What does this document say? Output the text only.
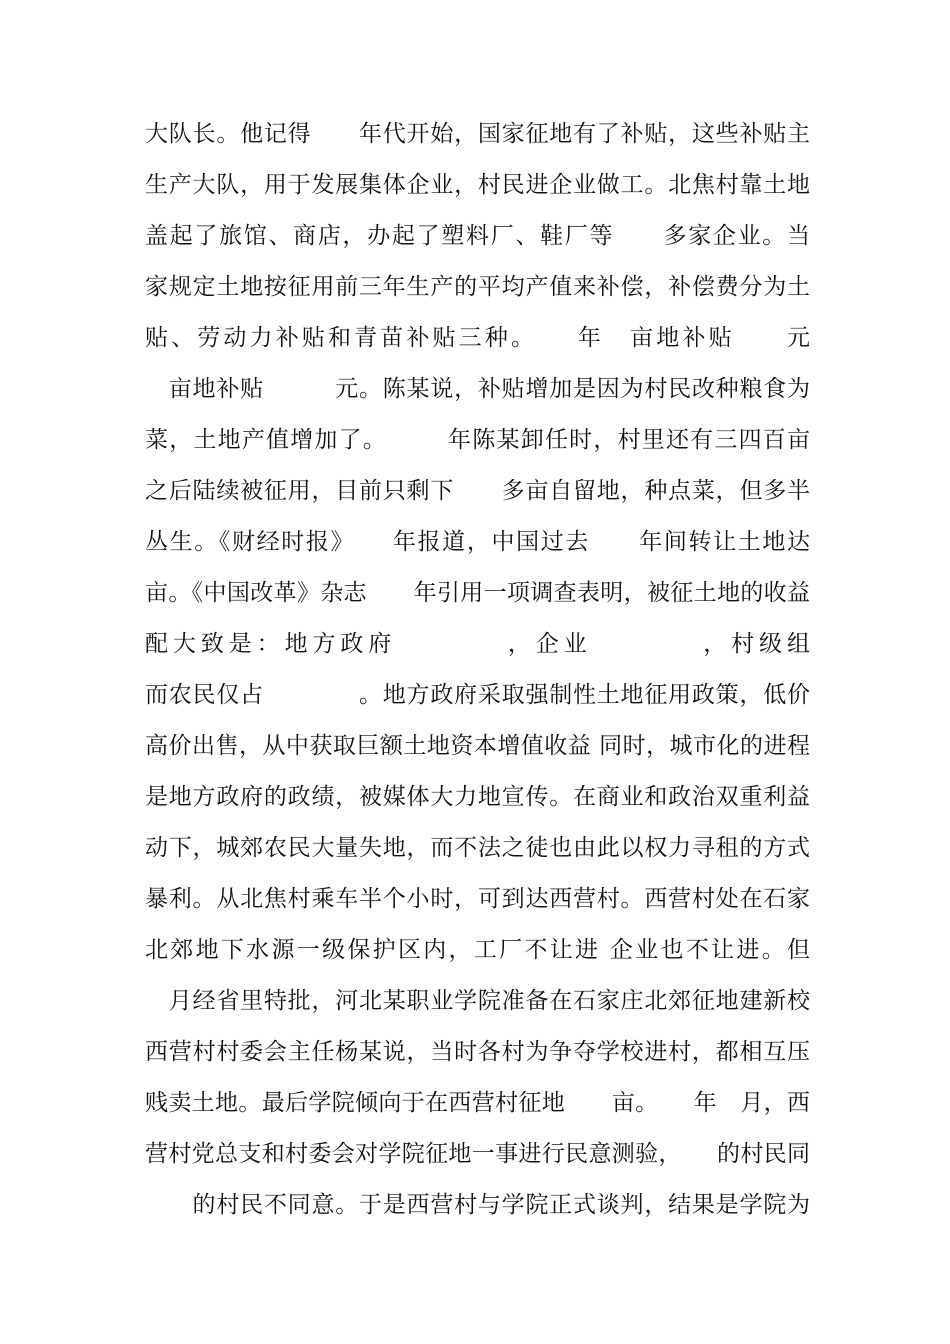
大队长。他记得　　年代开始，国家征地有了补贴，这些补贴主
生产大队，用于发展集体企业，村民进企业做工。北焦村靠土地
盖起了旅馆、商店，办起了塑料厂、鞋厂等　　多家企业。当
家规定土地按征用前三年生产的平均产值来补偿，补偿费分为土
贴、劳动力补贴和青苗补贴三种。　　年　亩地补贴　　元　　　
　亩地补贴　　　元。陈某说，补贴增加是因为村民改种粮食为
菜，土地产值增加了。　　　年陈某卸任时，村里还有三四百亩
之后陆续被征用，目前只剩下　　多亩自留地，种点菜，但多半
丛生。《财经时报》　　年报道，中国过去　　年间转让土地达　
亩。《中国改革》杂志　　年引用一项调查表明，被征土地的收益
配大致是：地方政府　　　　，企业　　　　，村级组　　　　
而农民仅占　　　　。地方政府采取强制性土地征用政策，低价
高价出售，从中获取巨额土地资本增值收益 同时，城市化的进程
是地方政府的政绩，被媒体大力地宣传。在商业和政治双重利益
动下，城郊农民大量失地，而不法之徒也由此以权力寻租的方式
暴利。从北焦村乘车半个小时，可到达西营村。西营村处在石家
北郊地下水源一级保护区内，工厂不让进 企业也不让进。但　　
　月经省里特批，河北某职业学院准备在石家庄北郊征地建新校
西营村村委会主任杨某说，当时各村为争夺学校进村，都相互压
贱卖土地。最后学院倾向于在西营村征地　　亩。　　年　月，西
营村党总支和村委会对学院征地一事进行民意测验，　　的村民同
　　的村民不同意。于是西营村与学院正式谈判，结果是学院为
